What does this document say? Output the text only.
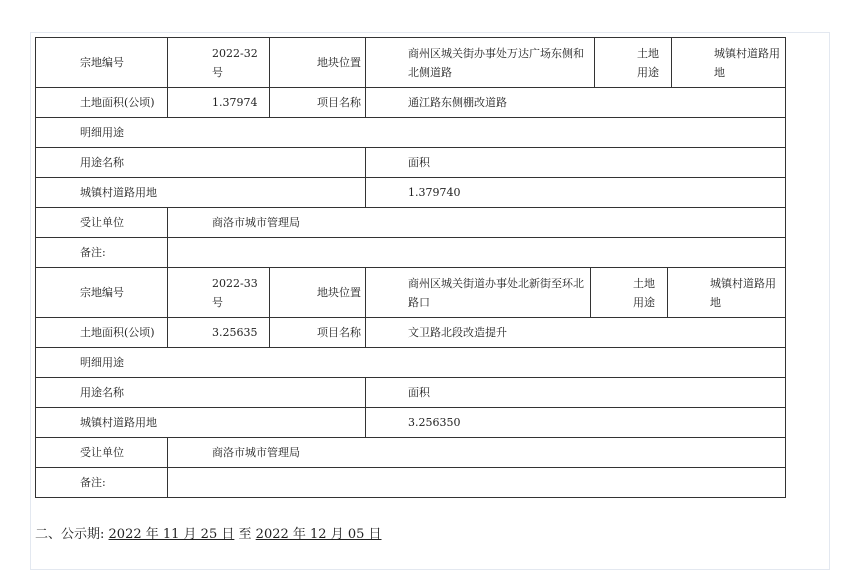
宗地编号	2022-32号	地块位置	商州区城关街办事处万达广场东侧和北侧道路	土地用途	城镇村道路用地
土地面积(公顷)	1.37974	项目名称	通江路东侧棚改道路		
明细用途					
用途名称			面积		
城镇村道路用地			1.379740		
受让单位	商洛市城市管理局				
备注:					
宗地编号	2022-33号	地块位置	商州区城关街道办事处北新街至环北路口	土地用途	城镇村道路用地
土地面积(公顷)	3.25635	项目名称	文卫路北段改造提升		
明细用途					
用途名称			面积		
城镇村道路用地			3.256350		
受让单位	商洛市城市管理局				
备注:					
二、公示期: 2022 年 11 月 25 日 至 2022 年 12 月 05 日
